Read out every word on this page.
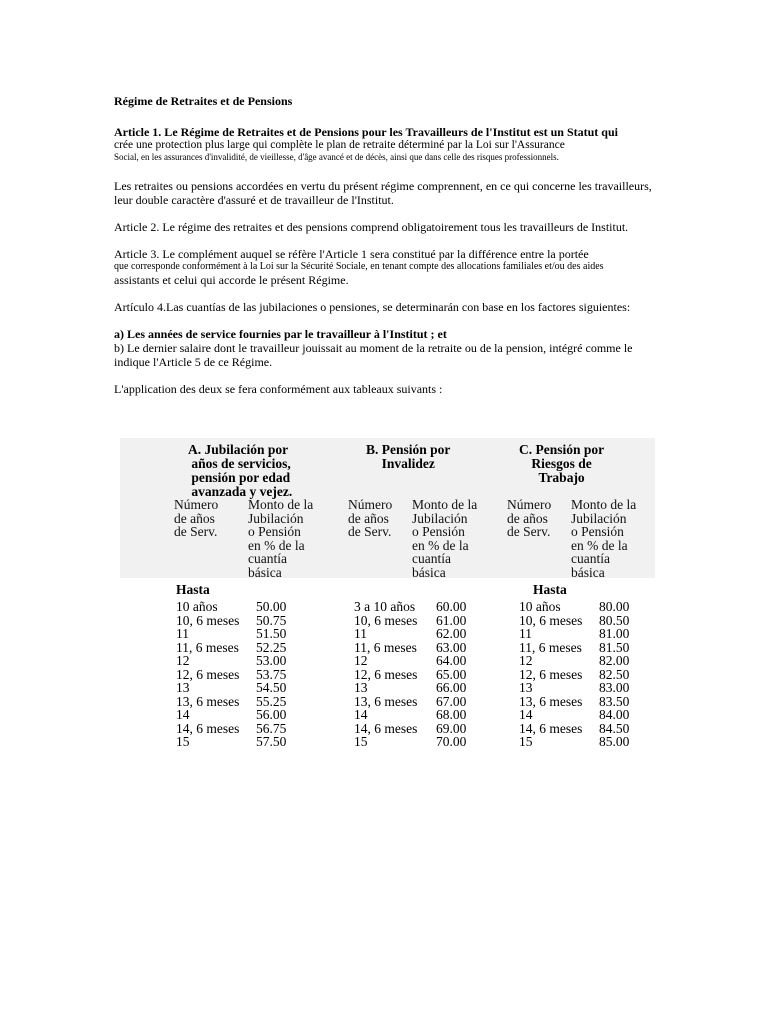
Régime de Retraites et de Pensions

Article 1. Le Régime de Retraites et de Pensions pour les Travailleurs de l'Institut est un Statut qui

crée une protection plus large qui complète le plan de retraite déterminé par la Loi sur l'Assurance

Social, en les assurances d'invalidité, de vieillesse, d'âge avancé et de décès, ainsi que dans celle des risques professionnels.

Les retraites ou pensions accordées en vertu du présent régime comprennent, en ce qui concerne les travailleurs, leur double caractère d'assuré et de travailleur de l'Institut.

Article 2. Le régime des retraites et des pensions comprend obligatoirement tous les travailleurs de Institut.

Article 3. Le complément auquel se réfère l'Article 1 sera constitué par la différence entre la portée

que corresponde conformément à la Loi sur la Sécurité Sociale, en tenant compte des allocations familiales et/ou des aides

assistants et celui qui accorde le présent Régime.

Artículo 4.Las cuantías de las jubilaciones o pensiones, se determinarán con base en los factores siguientes:

a) Les années de service fournies par le travailleur à l'Institut ; et

b) Le dernier salaire dont le travailleur jouissait au moment de la retraite ou de la pension, intégré comme le indique l'Article 5 de ce Régime.

L'application des deux se fera conformément aux tableaux suivants :

A. Jubilación por
años de servicios,
pensión por edad
avanzada y vejez.
Número
de años
de Serv.
Monto de la
Jubilación
o Pensión
en % de la
cuantía
básica
Hasta
10 años	50.00
10, 6 meses	50.75
11	51.50
11, 6 meses	52.25
12	53.00
12, 6 meses	53.75
13	54.50
13, 6 meses	55.25
14	56.00
14, 6 meses	56.75
15	57.50
B. Pensión por
Invalidez
Número
de años
de Serv.
Monto de la
Jubilación
o Pensión
en % de la
cuantía
básica
3 a 10 años	60.00
10, 6 meses	61.00
11	62.00
11, 6 meses	63.00
12	64.00
12, 6 meses	65.00
13	66.00
13, 6 meses	67.00
14	68.00
14, 6 meses	69.00
15	70.00
C. Pensión por
Riesgos de
Trabajo
Número
de años
de Serv.
Monto de la
Jubilación
o Pensión
en % de la
cuantía
básica
Hasta
10 años	80.00
10, 6 meses	80.50
11	81.00
11, 6 meses	81.50
12	82.00
12, 6 meses	82.50
13	83.00
13, 6 meses	83.50
14	84.00
14, 6 meses	84.50
15	85.00
